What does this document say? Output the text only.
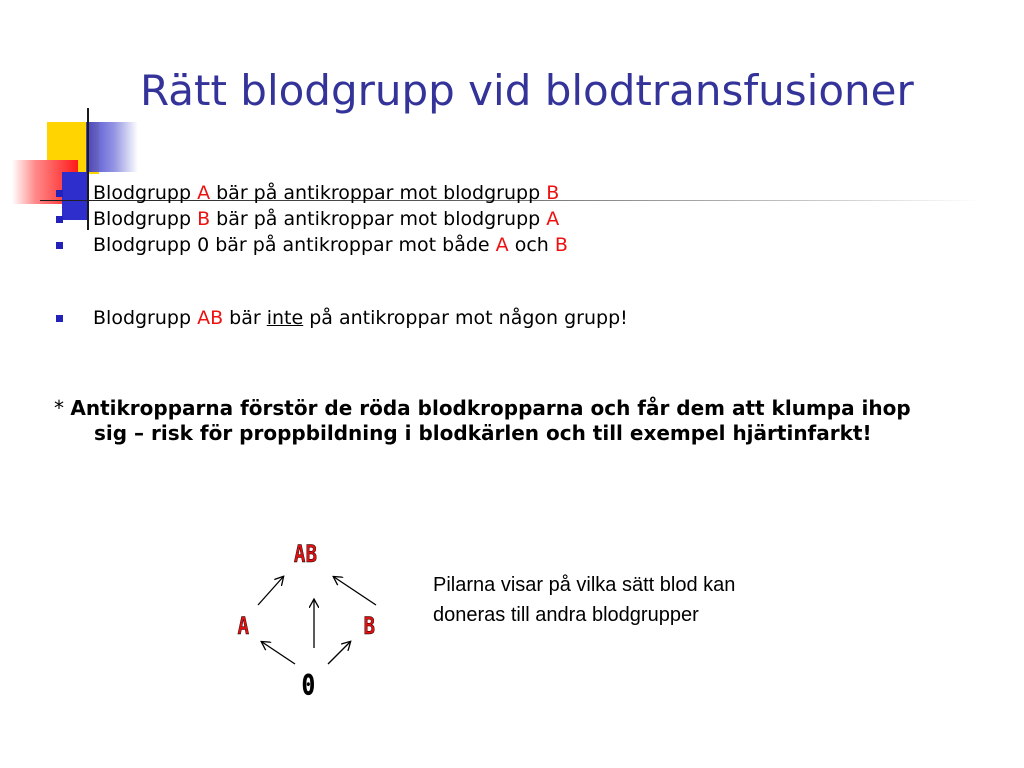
Rätt blodgrupp vid blodtransfusioner
Blodgrupp A bär på antikroppar mot blodgrupp B
Blodgrupp B bär på antikroppar mot blodgrupp A
Blodgrupp 0 bär på antikroppar mot både A och B
Blodgrupp AB bär inte på antikroppar mot någon grupp!

* Antikropparna förstör de röda blodkropparna och får dem att klumpa ihop sig – risk för proppbildning i blodkärlen och till exempel hjärtinfarkt!

AB
A	B
0

Pilarna visar på vilka sätt blod kan doneras till andra blodgrupper
